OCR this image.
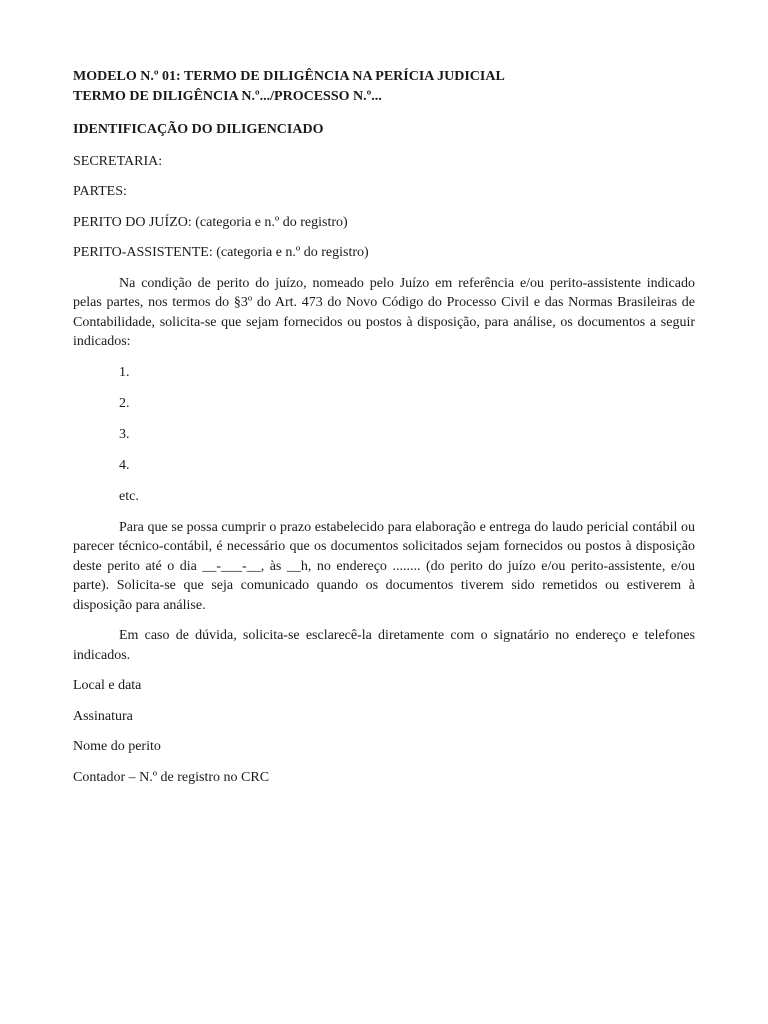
MODELO N.º 01: TERMO DE DILIGÊNCIA NA PERÍCIA JUDICIAL
TERMO DE DILIGÊNCIA N.º.../PROCESSO N.º...
IDENTIFICAÇÃO DO DILIGENCIADO
SECRETARIA:
PARTES:
PERITO DO JUÍZO: (categoria e n.º do registro)
PERITO-ASSISTENTE: (categoria e n.º do registro)

Na condição de perito do juízo, nomeado pelo Juízo em referência e/ou perito-assistente indicado pelas partes, nos termos do §3º do Art. 473 do Novo Código do Processo Civil e das Normas Brasileiras de Contabilidade, solicita-se que sejam fornecidos ou postos à disposição, para análise, os documentos a seguir indicados:

1.
2.
3.
4.
etc.

Para que se possa cumprir o prazo estabelecido para elaboração e entrega do laudo pericial contábil ou parecer técnico-contábil, é necessário que os documentos solicitados sejam fornecidos ou postos à disposição deste perito até o dia __-___-__, às __h, no endereço ........ (do perito do juízo e/ou perito-assistente, e/ou parte). Solicita-se que seja comunicado quando os documentos tiverem sido remetidos ou estiverem à disposição para análise.

Em caso de dúvida, solicita-se esclarecê-la diretamente com o signatário no endereço e telefones indicados.

Local e data
Assinatura
Nome do perito
Contador – N.º de registro no CRC
